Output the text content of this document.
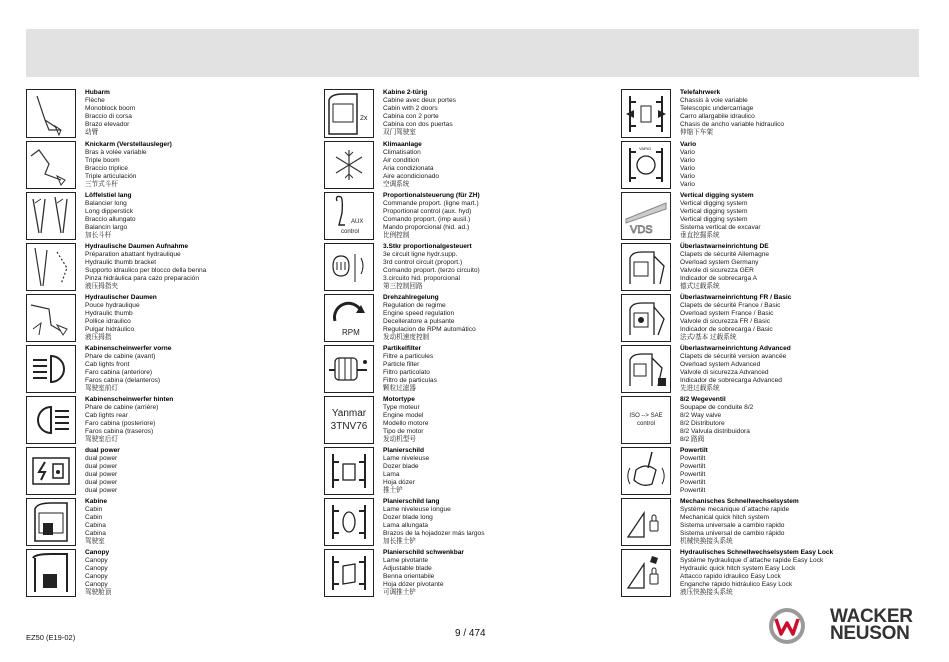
Hubarm
Flèche
Monoblock boom
Braccio di corsa
Brazo elevador
动臂
Knickarm (Verstellausleger)
Bras à volée variable
Triple boom
Braccio triplice
Triple articulación
三节式斗杆
Löffelstiel lang
Balancier long
Long dipperstick
Braccio allungato
Balancín largo
加长斗杆
Hydraulische Daumen Aufnahme
Préparation abattant hydraulique
Hydraulic thumb bracket
Supporto idraulico per blocco della benna
Pinza hidráulica para cazo preparación
液压拇指夹
Hydraulischer Daumen
Pouce hydraulique
Hydraulic thumb
Pollice idraulico
Pulgar hidráulico
液压拇指
Kabinenscheinwerfer vorne
Phare de cabine (avant)
Cab lights front
Faro cabina (anteriore)
Faros cabina (delanteros)
驾驶室前灯
Kabinenscheinwerfer hinten
Phare de cabine (arrière)
Cab lights rear
Faro cabina (posteriore)
Faros cabina (traseros)
驾驶室后灯
dual power
dual power
dual power
dual power
dual power
dual power
Kabine
Cabin
Cabin
Cabina
Cabina
驾驶室
Canopy
Canopy
Canopy
Canopy
Canopy
驾驶舱顶
2x
Kabine 2-türig
Cabine avec deux portes
Cabin with 2 doors
Cabina con 2 porte
Cabina con dos puertas
双门驾驶室
Klimaanlage
Climatisation
Air condition
Aria condizionata
Aire acondicionado
空调系统
AUX
control
Proportionalsteuerung (für ZH)
Commande proport. (ligne mart.)
Proportional control (aux. hyd)
Comando proport. (imp ausil.)
Mando proporcional (hid. ad.)
比例控制
3.Stkr proportionalgesteuert
3e circuit ligne hydr.supp.
3rd control circuit (proport.)
Comando proport. (terzo circuito)
3.circuito hid. proporcional
第三控制回路
RPM
Drehzahlregelung
Regulation de regime
Engine speed regulation
Decelleratore a pulsante
Regulacion de RPM automático
发动机速度控制
Partikelfilter
Filtre a particules
Particle filter
Filtro particolato
Filtro de particulas
颗粒过滤器
Yanmar
3TNV76
Motortype
Type moteur
Engine model
Modello motore
Tipo de motor
发动机型号
Planierschild
Lame niveleuse
Dozer blade
Lama
Hoja dózer
推土铲
Planierschild lang
Lame niveleuse longue
Dozer blade long
Lama allungata
Brazos de la hojadozer más largos
加长推土铲
Planierschild schwenkbar
Lame pivotante
Adjustable blade
Benna orientabile
Hoja dózer pivotante
可调推土铲
Telefahrwerk
Chassis à voie variable
Telescopic undercarriage
Carro allargabile idraulico
Chasis de ancho variable hidraulico
伸缩下车架
VARIO
Vario
Vario
Vario
Vario
Vario
Vario
VDS
Vertical digging system
Vertical digging system
Vertical digging system
Vertical digging system
Sistema vertical de excavar
垂直挖掘系统
Überlastwarneinrichtung DE
Clapets de sécurité Allemagne
Overload system Germany
Valvole di sicurezza GER
Indicador de sobrecarga A
德式过载系统
Überlastwarneinrichtung FR / Basic
Clapets de sécurité France / Basic
Overload system France / Basic
Valvole di sicurezza FR / Basic
Indicador de sobrecarga / Basic
法式/基本 过载系统
Überlastwarneinrichtung Advanced
Clapets de sécurité version avancée
Overload system Advanced
Valvole di sicurezza Advanced
Indicador de sobrecarga Advanced
先进过载系统
ISO --> SAE
control
8/2 Wegeventil
Soupape de conduite 8/2
8/2 Way valve
8/2 Distributore
8/2 Valvula distribuidora
8/2 路阀
Powertilt
Powertilt
Powertilt
Powertilt
Powertilt
Powertilt
Mechanisches Schnellwechselsystem
Système mecanique d´attache rapide
Mechanical quick hitch system
Sistema universale a cambio rapido
Sistema universal de cambio rápido
机械快换接头系统
Hydraulisches Schnellwechselsystem Easy Lock
Système hydraulique d´attache rapide Easy Lock
Hydraulic quick hitch system Easy Lock
Attacco rapido idraulico Easy Lock
Enganche rápido hidráulico Easy Lock
液压快换接头系统
EZ50 (E19-02)	9 / 474
WACKER
NEUSON
